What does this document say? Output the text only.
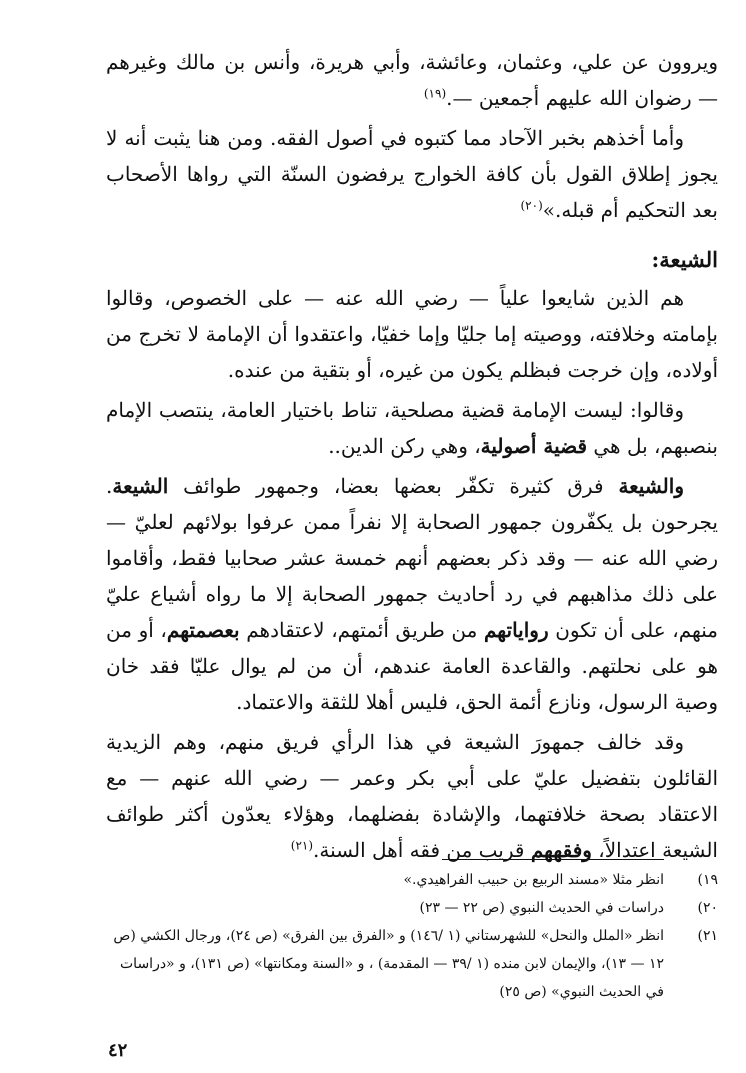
ويروون عن علي، وعثمان، وعائشة، وأبي هريرة، وأنس بن مالك وغيرهم — رضوان الله عليهم أجمعين —.$^{(١٩)}$

وأما أخذهم بخبر الآحاد مما كتبوه في أصول الفقه. ومن هنا يثبت أنه لا يجوز إطلاق القول بأن كافة الخوارج يرفضون السنّة التي رواها الأصحاب بعد التحكيم أم قبله.»$^{(٢٠)}$

الشيعة:

هم الذين شايعوا علياً — رضي الله عنه — على الخصوص، وقالوا بإمامته وخلافته، ووصيته إما جليّا وإما خفيّا، واعتقدوا أن الإمامة لا تخرج من أولاده، وإن خرجت فبظلم يكون من غيره، أو بتقية من عنده.

وقالوا: ليست الإمامة قضية مصلحية، تناط باختيار العامة، ينتصب الإمام بنصبهم، بل هي قضية أصولية، وهي ركن الدين..

والشيعة فرق كثيرة تكفّر بعضها بعضا، وجمهور طوائف الشيعة. يجرحون بل يكفّرون جمهور الصحابة إلا نفراً ممن عرفوا بولائهم لعليّ — رضي الله عنه — وقد ذكر بعضهم أنهم خمسة عشر صحابيا فقط، وأقاموا على ذلك مذاهبهم في رد أحاديث جمهور الصحابة إلا ما رواه أشياع عليّ منهم، على أن تكون رواياتهم من طريق أئمتهم، لاعتقادهم بعصمتهم، أو من هو على نحلتهم. والقاعدة العامة عندهم، أن من لم يوال عليّا فقد خان وصية الرسول، ونازع أئمة الحق، فليس أهلا للثقة والاعتماد.

وقد خالف جمهورَ الشيعة في هذا الرأي فريق منهم، وهم الزيدية القائلون بتفضيل عليّ على أبي بكر وعمر — رضي الله عنهم — مع الاعتقاد بصحة خلافتهما، والإشادة بفضلهما، وهؤلاء يعدّون أكثر طوائف الشيعة اعتدالاً، وفقههم قريب من فقه أهل السنة.$^{(٢١)}$

١٩)
انظر مثلا «مسند الربيع بن حبيب الفراهيدي.»
٢٠)
دراسات في الحديث النبوي (ص ٢٢ — ٢٣)
٢١)
انظر «الملل والنحل» للشهرستاني (١ /١٤٦) و «الفرق بين الفرق» (ص ٢٤)، ورجال الكشي (ص ١٢ — ١٣)، والإيمان لابن منده (١ /٣٩ — المقدمة) ، و «السنة ومكانتها» (ص ١٣١)، و «دراسات في الحديث النبوي» (ص ٢٥)
٤٢
